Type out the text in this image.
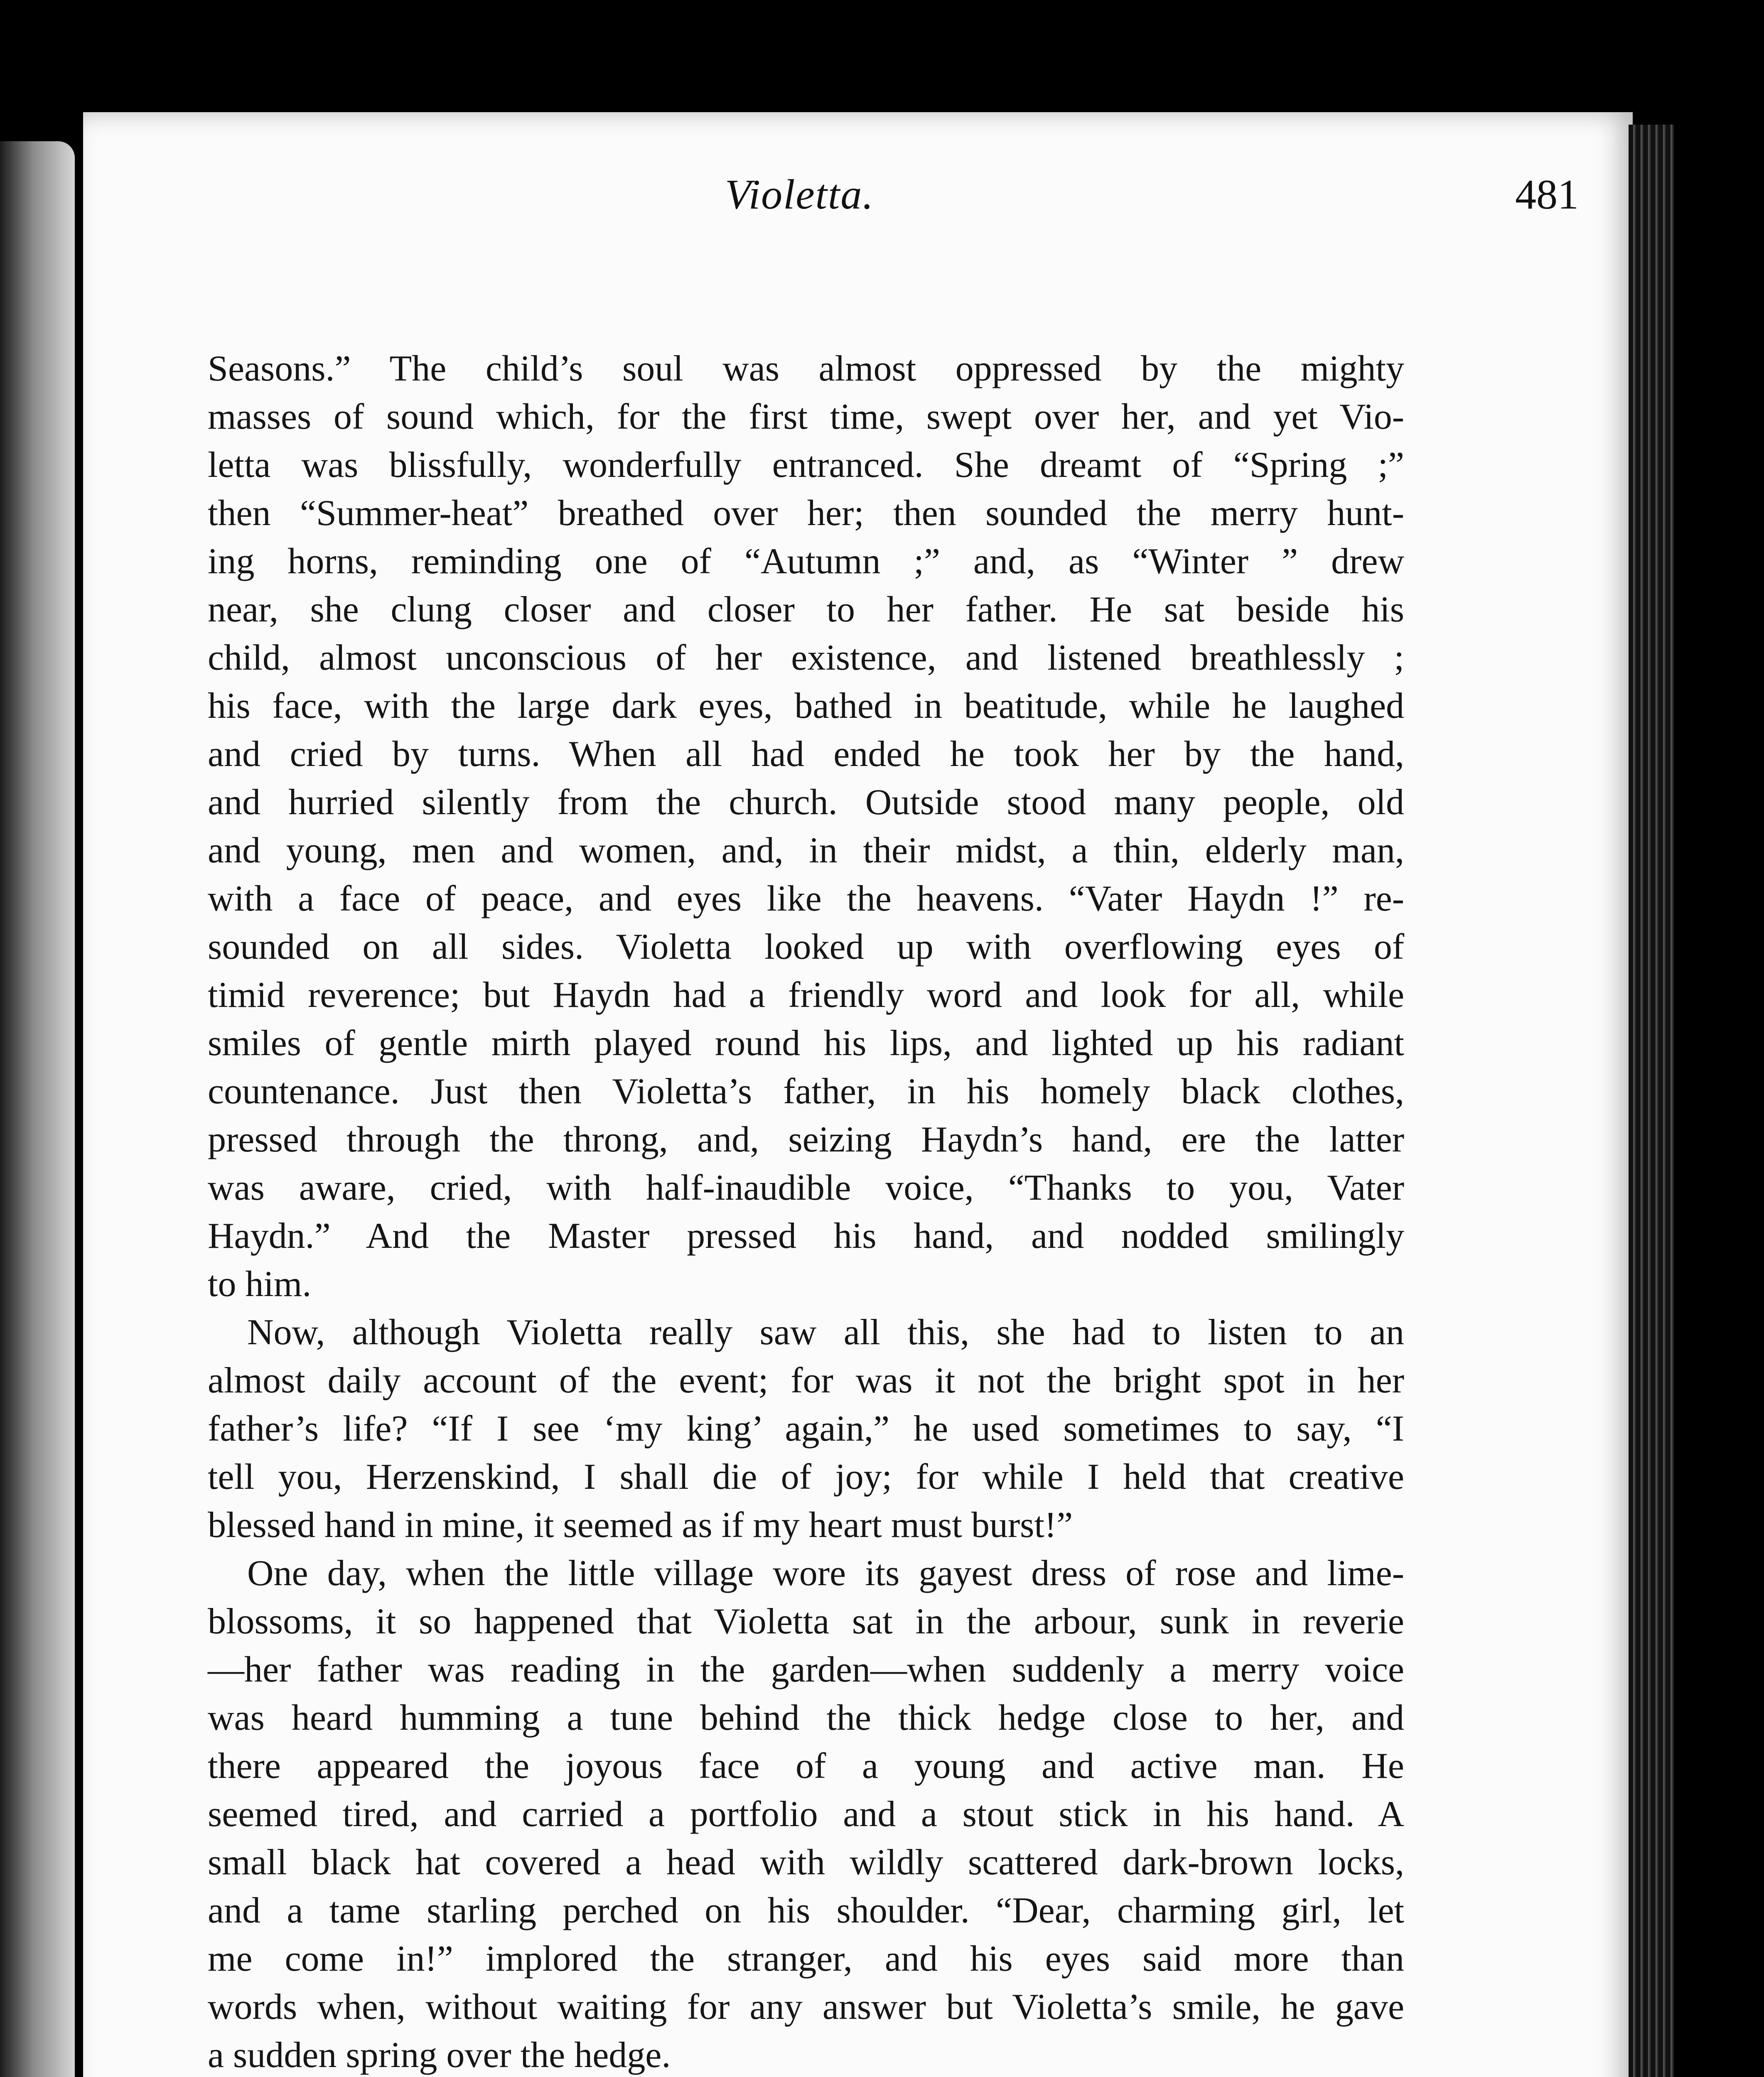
Violetta.	481
Seasons.” The child’s soul was almost oppressed by the mighty
masses of sound which, for the first time, swept over her, and yet Vio-
letta was blissfully, wonderfully entranced. She dreamt of “Spring ;”
then “Summer-heat” breathed over her; then sounded the merry hunt-
ing horns, reminding one of “Autumn ;” and, as “Winter ” drew
near, she clung closer and closer to her father. He sat beside his
child, almost unconscious of her existence, and listened breathlessly ;
his face, with the large dark eyes, bathed in beatitude, while he laughed
and cried by turns. When all had ended he took her by the hand,
and hurried silently from the church. Outside stood many people, old
and young, men and women, and, in their midst, a thin, elderly man,
with a face of peace, and eyes like the heavens. “Vater Haydn !” re-
sounded on all sides. Violetta looked up with overflowing eyes of
timid reverence; but Haydn had a friendly word and look for all, while
smiles of gentle mirth played round his lips, and lighted up his radiant
countenance. Just then Violetta’s father, in his homely black clothes,
pressed through the throng, and, seizing Haydn’s hand, ere the latter
was aware, cried, with half-inaudible voice, “Thanks to you, Vater
Haydn.” And the Master pressed his hand, and nodded smilingly
to him.
Now, although Violetta really saw all this, she had to listen to an
almost daily account of the event; for was it not the bright spot in her
father’s life? “If I see ‘my king’ again,” he used sometimes to say, “I
tell you, Herzenskind, I shall die of joy; for while I held that creative
blessed hand in mine, it seemed as if my heart must burst!”
One day, when the little village wore its gayest dress of rose and lime-
blossoms, it so happened that Violetta sat in the arbour, sunk in reverie
—her father was reading in the garden—when suddenly a merry voice
was heard humming a tune behind the thick hedge close to her, and
there appeared the joyous face of a young and active man. He
seemed tired, and carried a portfolio and a stout stick in his hand. A
small black hat covered a head with wildly scattered dark-brown locks,
and a tame starling perched on his shoulder. “Dear, charming girl, let
me come in!” implored the stranger, and his eyes said more than
words when, without waiting for any answer but Violetta’s smile, he gave
a sudden spring over the hedge.
